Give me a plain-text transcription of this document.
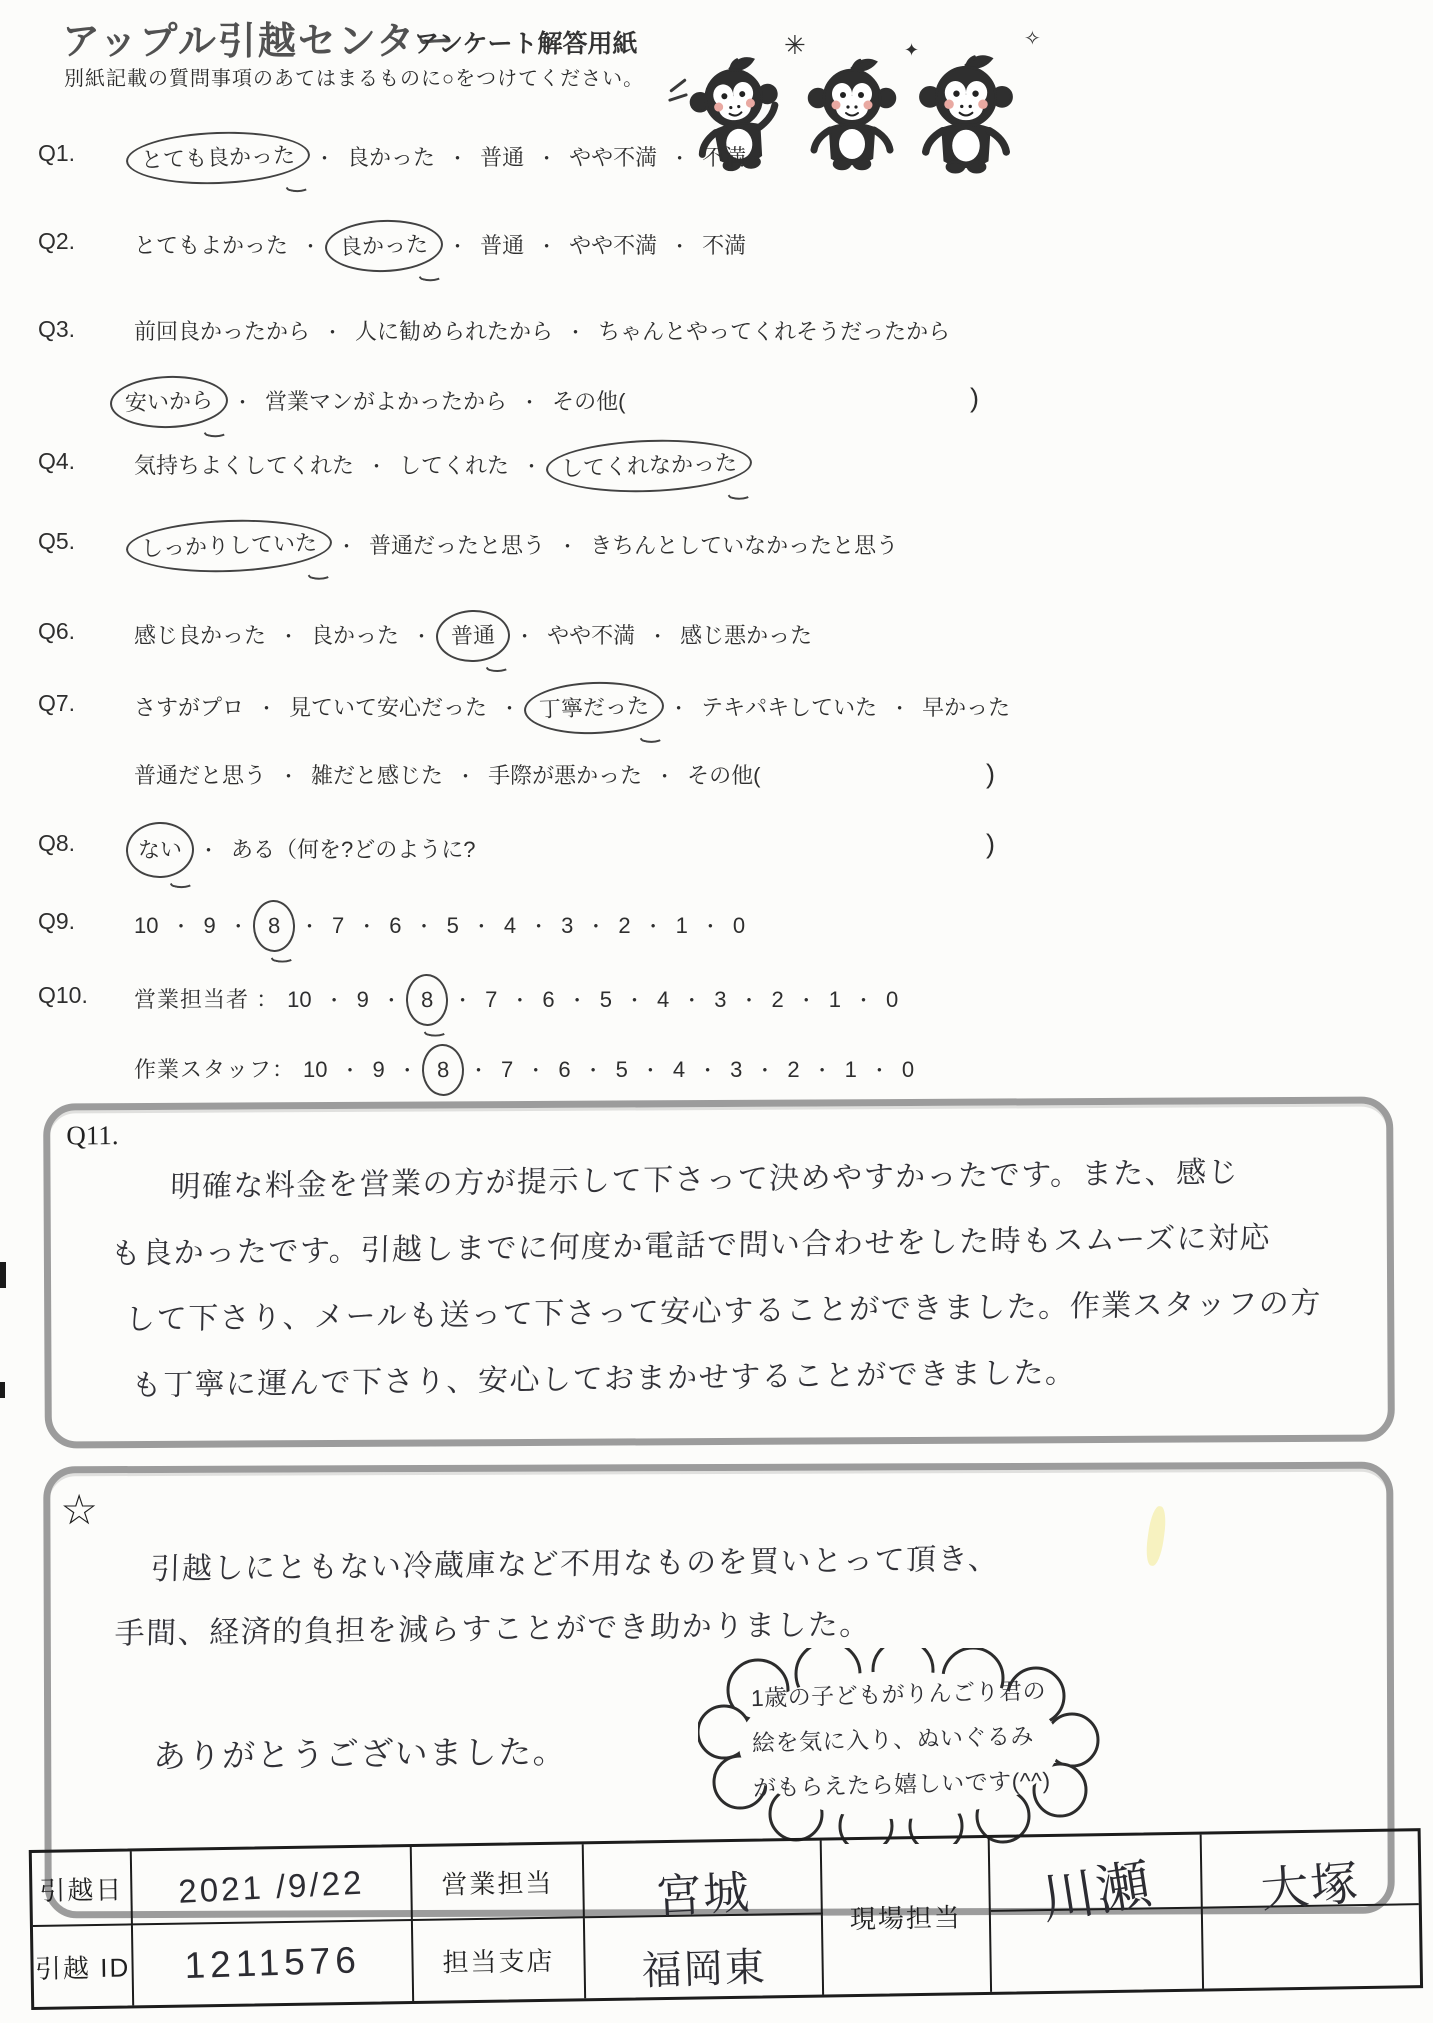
アップル引越センター
アンケート解答用紙
別紙記載の質問事項のあてはまるものに○をつけてください。
✳	✦	✧
Q1.	とても良かった ・ 良かった ・ 普通 ・ やや不満 ・ 不満
Q2.	とてもよかった ・ 良かった ・ 普通 ・ やや不満 ・ 不満
Q3.	前回良かったから ・ 人に勧められたから ・ ちゃんとやってくれそうだったから
安いから ・ 営業マンがよかったから ・ その他(	)
Q4.	気持ちよくしてくれた ・ してくれた ・ してくれなかった
Q5.	しっかりしていた ・ 普通だったと思う ・ きちんとしていなかったと思う
Q6.	感じ良かった ・ 良かった ・ 普通 ・ やや不満 ・ 感じ悪かった
Q7.	さすがプロ ・ 見ていて安心だった ・ 丁寧だった ・ テキパキしていた ・ 早かった
普通だと思う ・ 雑だと感じた ・ 手際が悪かった ・ その他(	)
Q8.	ない ・ ある（何を?どのように?	)
Q9.	10 ・ 9 ・ 8 ・ 7 ・ 6 ・ 5 ・ 4 ・ 3 ・ 2 ・ 1 ・ 0
Q10. 営業担当者 ： 10 ・ 9 ・ 8 ・ 7 ・ 6 ・ 5 ・ 4 ・ 3 ・ 2 ・ 1 ・ 0
作業スタッフ： 10 ・ 9 ・ 8 ・ 7 ・ 6 ・ 5 ・ 4 ・ 3 ・ 2 ・ 1 ・ 0
Q11.
明確な料金を営業の方が提示して下さって決めやすかったです。また、感じ
も良かったです。引越しまでに何度か電話で問い合わせをした時もスムーズに対応
して下さり、メールも送って下さって安心することができました。作業スタッフの方
も丁寧に運んで下さり、安心しておまかせすることができました。
☆
引越しにともない冷蔵庫など不用なものを買いとって頂き、
手間、経済的負担を減らすことができ助かりました。
ありがとうございました。
1歳の子どもがりんごり君の
絵を気に入り、ぬいぐるみ
がもらえたら嬉しいです(^^)
引越日 2021 /9/22	営業担当 宮城	現場担当 川瀬 大塚
引越 ID 1211576	担当支店 福岡東
